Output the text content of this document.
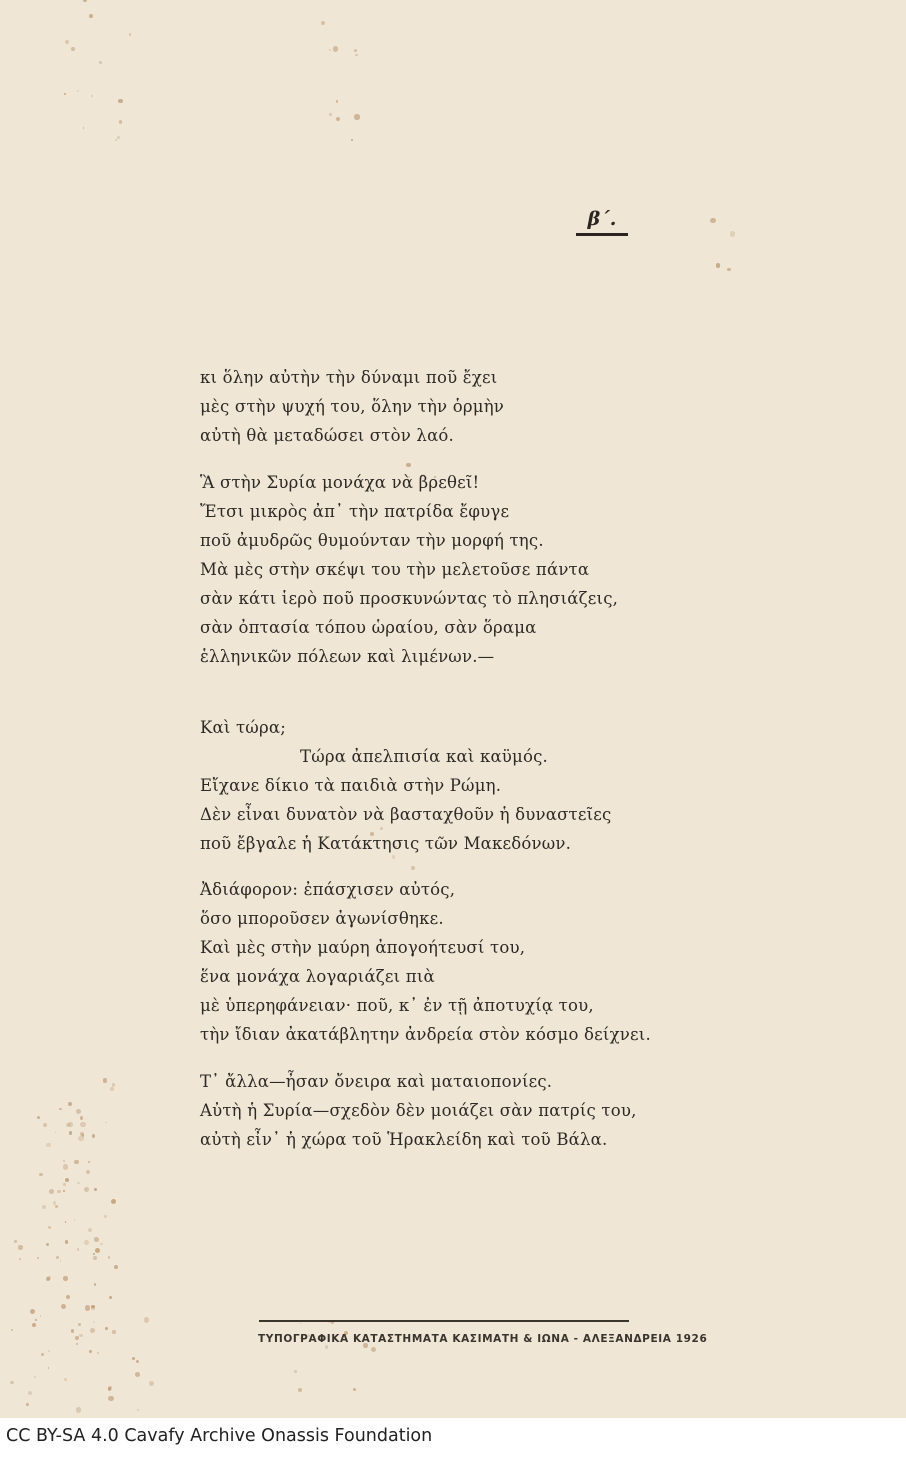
β΄.
κι ὅλην αὐτὴν τὴν δύναμι ποῦ ἔχει
μὲς στὴν ψυχή του, ὅλην τὴν ὁρμὴν
αὐτὴ θὰ μεταδώσει στὸν λαό.
Ἃ στὴν Συρία μονάχα νὰ βρεθεῖ!
Ἔτσι μικρὸς ἀπ᾿ τὴν πατρίδα ἔφυγε
ποῦ ἀμυδρῶς θυμούνταν τὴν μορφή της.
Μὰ μὲς στὴν σκέψι του τὴν μελετοῦσε πάντα
σὰν κάτι ἱερὸ ποῦ προσκυνώντας τὸ πλησιάζεις,
σὰν ὀπτασία τόπου ὡραίου, σὰν ὅραμα
ἑλληνικῶν πόλεων καὶ λιμένων.—
Καὶ τώρα;
Τώρα ἀπελπισία καὶ καϋμός.
Εἴχανε δίκιο τὰ παιδιὰ στὴν Ρώμη.
Δὲν εἶναι δυνατὸν νὰ βασταχθοῦν ἡ δυναστεῖες
ποῦ ἔβγαλε ἡ Κατάκτησις τῶν Μακεδόνων.
Ἀδιάφορον: ἐπάσχισεν αὐτός,
ὅσο μποροῦσεν ἀγωνίσθηκε.
Καὶ μὲς στὴν μαύρη ἀπογοήτευσί του,
ἕνα μονάχα λογαριάζει πιὰ
μὲ ὑπερηφάνειαν· ποῦ, κ᾿ ἐν τῇ ἀποτυχίᾳ του,
τὴν ἴδιαν ἀκατάβλητην ἀνδρεία στὸν κόσμο δείχνει.
Τ᾿ ἄλλα—ἦσαν ὄνειρα καὶ ματαιοπονίες.
Αὐτὴ ἡ Συρία—σχεδὸν δὲν μοιάζει σὰν πατρίς του,
αὐτὴ εἶν᾿ ἡ χώρα τοῦ Ἡρακλείδη καὶ τοῦ Βάλα.
ΤΥΠΟΓΡΑΦΙΚΑ ΚΑΤΑΣΤΗΜΑΤΑ ΚΑΣΙΜΑΤΗ & ΙΩΝΑ - ΑΛΕΞΑΝΔΡΕΙΑ 1926
CC BY-SA 4.0 Cavafy Archive Onassis Foundation
